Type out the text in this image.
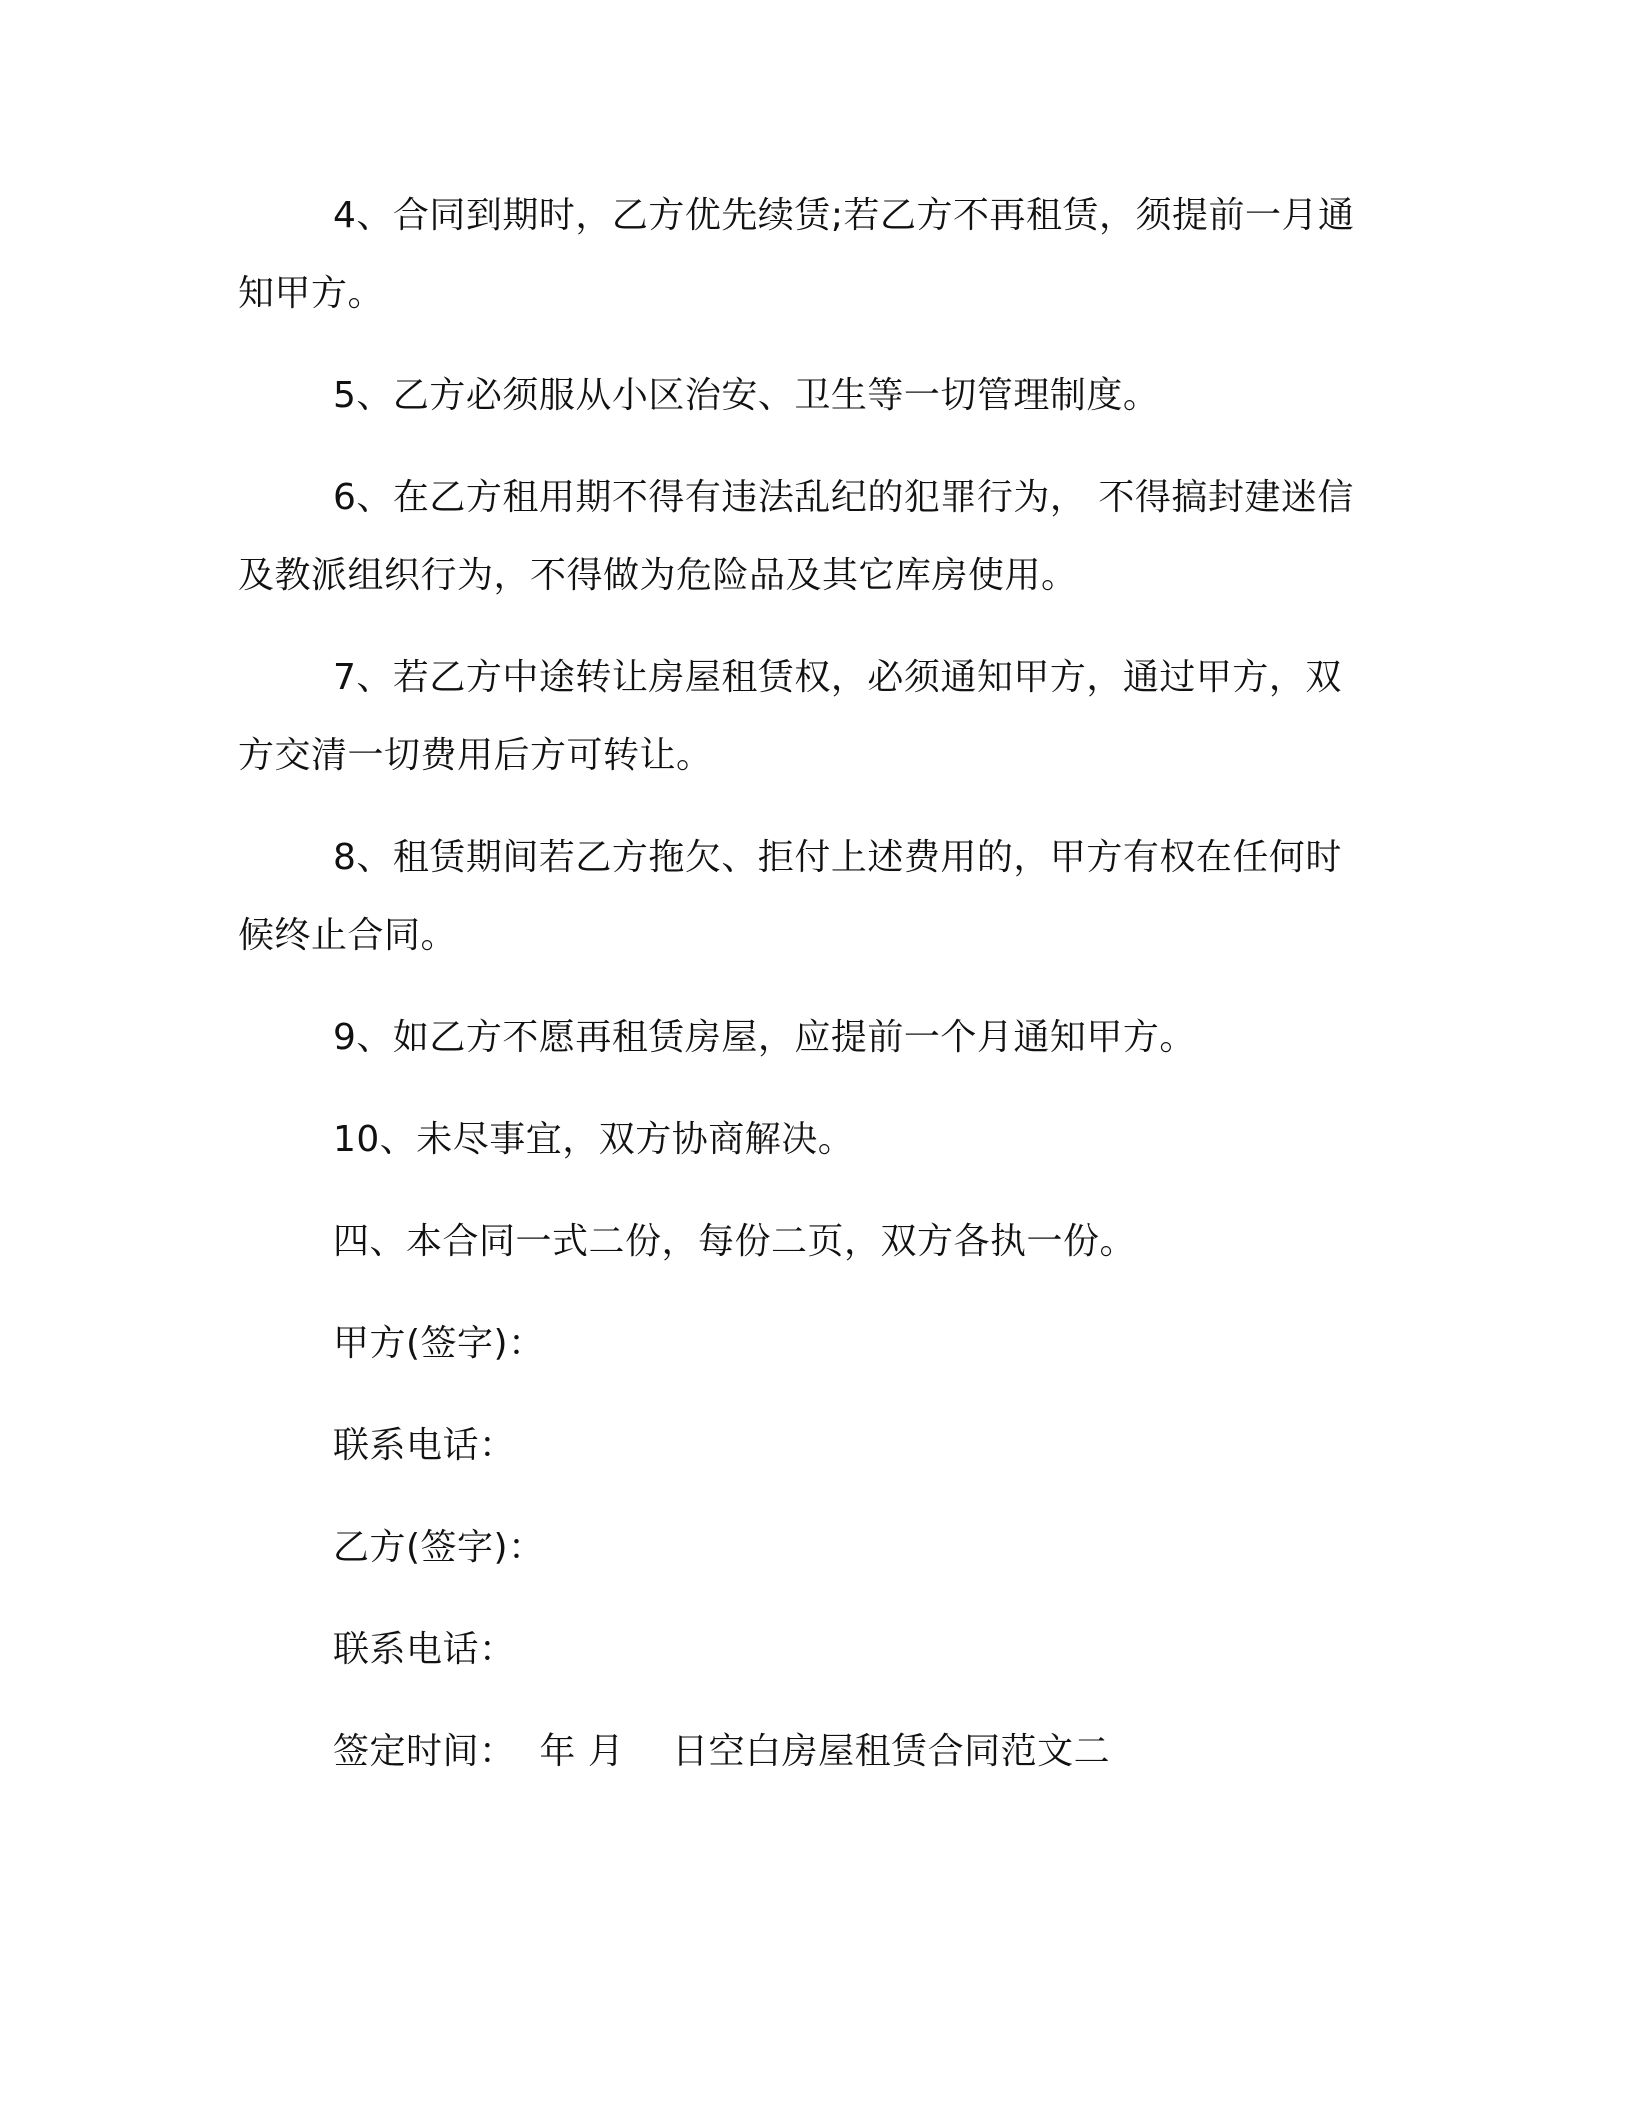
4、合同到期时，乙方优先续赁;若乙方不再租赁，须提前一月通
知甲方。
5、乙方必须服从小区治安、卫生等一切管理制度。
6、在乙方租用期不得有违法乱纪的犯罪行为， 不得搞封建迷信
及教派组织行为，不得做为危险品及其它库房使用。
7、若乙方中途转让房屋租赁权，必须通知甲方，通过甲方，双
方交清一切费用后方可转让。
8、租赁期间若乙方拖欠、拒付上述费用的，甲方有权在任何时
候终止合同。
9、如乙方不愿再租赁房屋，应提前一个月通知甲方。
10、未尽事宜，双方协商解决。
四、本合同一式二份，每份二页，双方各执一份。
甲方(签字)：
联系电话：
乙方(签字)：
联系电话：
签定时间：  年 月    日空白房屋租赁合同范文二
